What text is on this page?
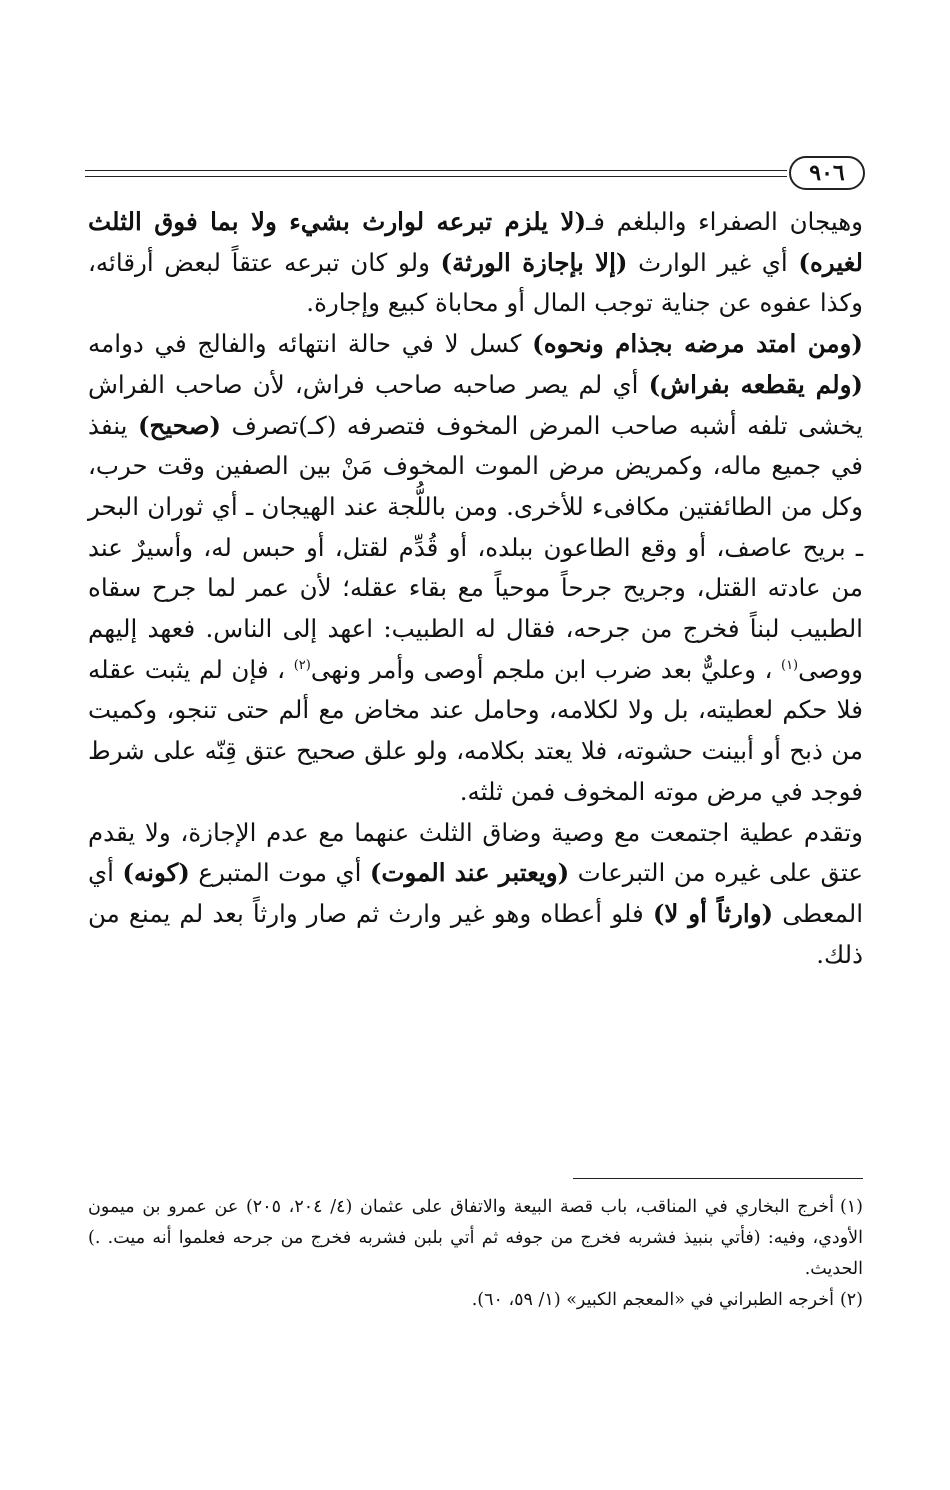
٩٠٦

وهيجان الصفراء والبلغم فـ(لا يلزم تبرعه لوارث بشيء ولا بما فوق الثلث لغيره) أي غير الوارث (إلا بإجازة الورثة) ولو كان تبرعه عتقاً لبعض أرقائه، وكذا عفوه عن جناية توجب المال أو محاباة كبيع وإجارة.

(ومن امتد مرضه بجذام ونحوه) كسل لا في حالة انتهائه والفالج في دوامه (ولم يقطعه بفراش) أي لم يصر صاحبه صاحب فراش، لأن صاحب الفراش يخشى تلفه أشبه صاحب المرض المخوف فتصرفه (كـ)تصرف (صحيح) ينفذ في جميع ماله، وكمريض مرض الموت المخوف مَنْ بين الصفين وقت حرب، وكل من الطائفتين مكافىء للأخرى. ومن باللُّجة عند الهيجان ـ أي ثوران البحر ـ بريح عاصف، أو وقع الطاعون ببلده، أو قُدِّم لقتل، أو حبس له، وأسيرٌ عند من عادته القتل، وجريح جرحاً موحياً مع بقاء عقله؛ لأن عمر لما جرح سقاه الطبيب لبناً فخرج من جرحه، فقال له الطبيب: اعهد إلى الناس. فعهد إليهم ووصى$^{(١)}$ ، وعليٌّ بعد ضرب ابن ملجم أوصى وأمر ونهى$^{(٢)}$ ، فإن لم يثبت عقله فلا حكم لعطيته، بل ولا لكلامه، وحامل عند مخاض مع ألم حتى تنجو، وكميت من ذبح أو أبينت حشوته، فلا يعتد بكلامه، ولو علق صحيح عتق قِنّه على شرط فوجد في مرض موته المخوف فمن ثلثه.

وتقدم عطية اجتمعت مع وصية وضاق الثلث عنهما مع عدم الإجازة، ولا يقدم عتق على غيره من التبرعات (ويعتبر عند الموت) أي موت المتبرع (كونه) أي المعطى (وارثاً أو لا) فلو أعطاه وهو غير وارث ثم صار وارثاً بعد لم يمنع من ذلك.

(١)أخرج البخاري في المناقب، باب قصة البيعة والاتفاق على عثمان (٤/ ٢٠٤، ٢٠٥) عن عمرو بن ميمون الأودي، وفيه: (فأتي بنبيذ فشربه فخرج من جوفه ثم أتي بلبن فشربه فخرج من جرحه فعلموا أنه ميت. .) الحديث.

(٢)أخرجه الطبراني في «المعجم الكبير» (١/ ٥٩، ٦٠).
